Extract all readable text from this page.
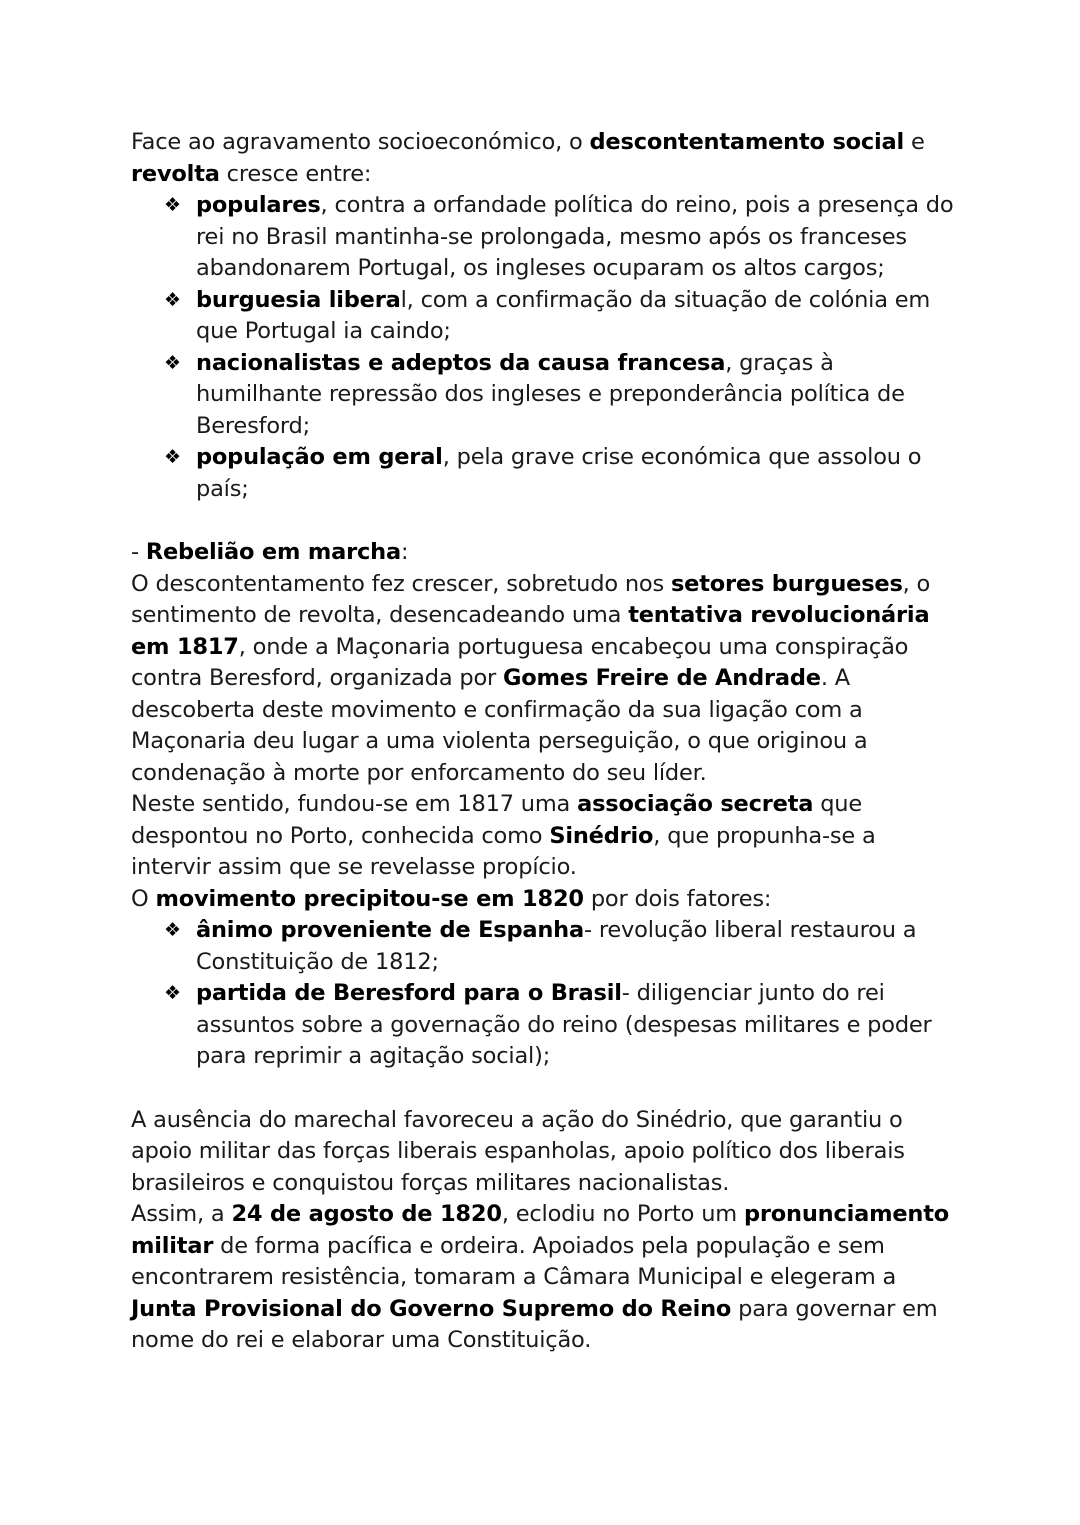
Face ao agravamento socioeconómico, o descontentamento social e revolta cresce entre:

❖ populares, contra a orfandade política do reino, pois a presença do rei no Brasil mantinha-se prolongada, mesmo após os franceses abandonarem Portugal, os ingleses ocuparam os altos cargos;
❖ burguesia liberal, com a confirmação da situação de colónia em que Portugal ia caindo;
❖ nacionalistas e adeptos da causa francesa, graças à humilhante repressão dos ingleses e preponderância política de Beresford;
❖ população em geral, pela grave crise económica que assolou o país;

- Rebelião em marcha:

O descontentamento fez crescer, sobretudo nos setores burgueses, o sentimento de revolta, desencadeando uma tentativa revolucionária em 1817, onde a Maçonaria portuguesa encabeçou uma conspiração contra Beresford, organizada por Gomes Freire de Andrade. A descoberta deste movimento e confirmação da sua ligação com a Maçonaria deu lugar a uma violenta perseguição, o que originou a condenação à morte por enforcamento do seu líder.

Neste sentido, fundou-se em 1817 uma associação secreta que despontou no Porto, conhecida como Sinédrio, que propunha-se a intervir assim que se revelasse propício.

O movimento precipitou-se em 1820 por dois fatores:

❖ ânimo proveniente de Espanha- revolução liberal restaurou a Constituição de 1812;
❖ partida de Beresford para o Brasil- diligenciar junto do rei assuntos sobre a governação do reino (despesas militares e poder para reprimir a agitação social);

A ausência do marechal favoreceu a ação do Sinédrio, que garantiu o apoio militar das forças liberais espanholas, apoio político dos liberais brasileiros e conquistou forças militares nacionalistas.

Assim, a 24 de agosto de 1820, eclodiu no Porto um pronunciamento militar de forma pacífica e ordeira. Apoiados pela população e sem encontrarem resistência, tomaram a Câmara Municipal e elegeram a Junta Provisional do Governo Supremo do Reino para governar em nome do rei e elaborar uma Constituição.
